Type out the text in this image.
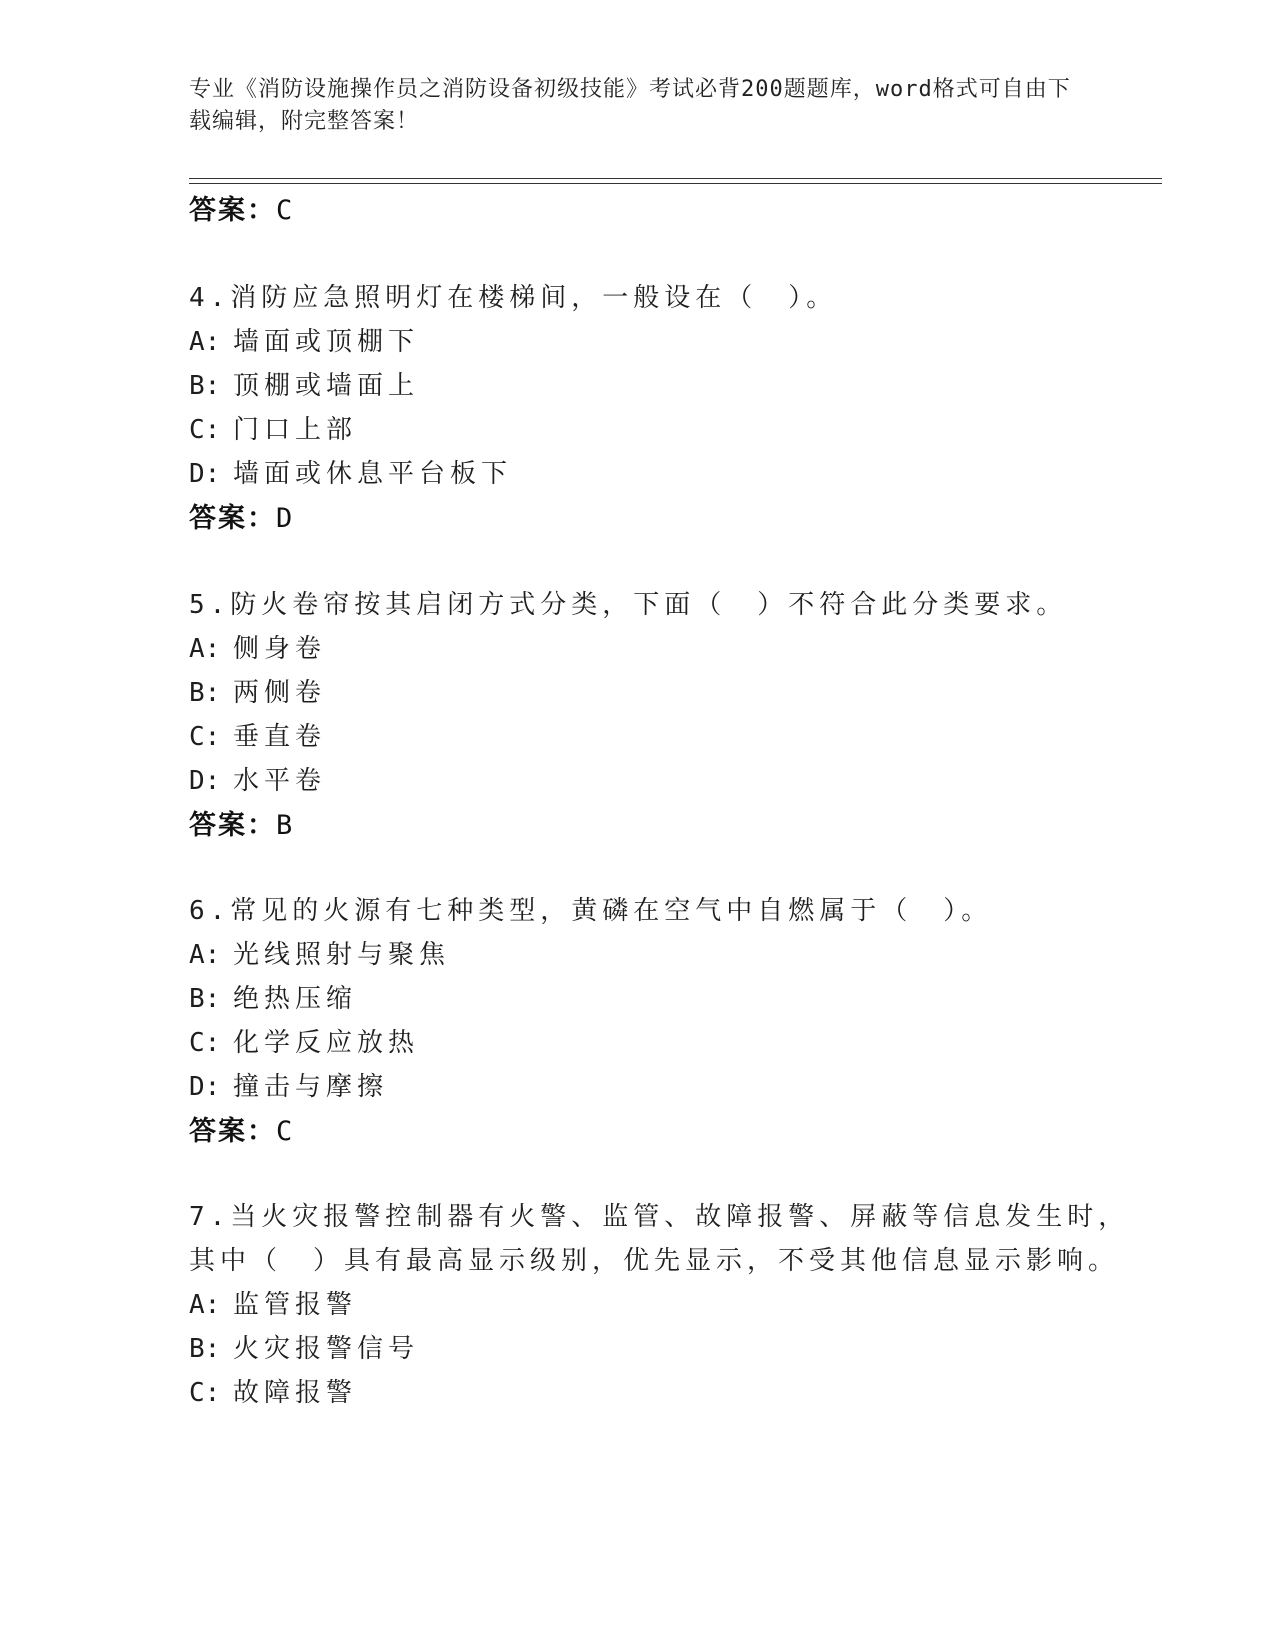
专业《消防设施操作员之消防设备初级技能》考试必背200题题库，word格式可自由下载编辑，附完整答案！
答案：C
4.消防应急照明灯在楼梯间，一般设在（　）。
A: 墙面或顶棚下
B: 顶棚或墙面上
C: 门口上部
D: 墙面或休息平台板下
答案：D
5.防火卷帘按其启闭方式分类，下面（　）不符合此分类要求。
A: 侧身卷
B: 两侧卷
C: 垂直卷
D: 水平卷
答案：B
6.常见的火源有七种类型，黄磷在空气中自燃属于（　）。
A: 光线照射与聚焦
B: 绝热压缩
C: 化学反应放热
D: 撞击与摩擦
答案：C
7.当火灾报警控制器有火警、监管、故障报警、屏蔽等信息发生时，
其中（　）具有最高显示级别，优先显示，不受其他信息显示影响。
A: 监管报警
B: 火灾报警信号
C: 故障报警
